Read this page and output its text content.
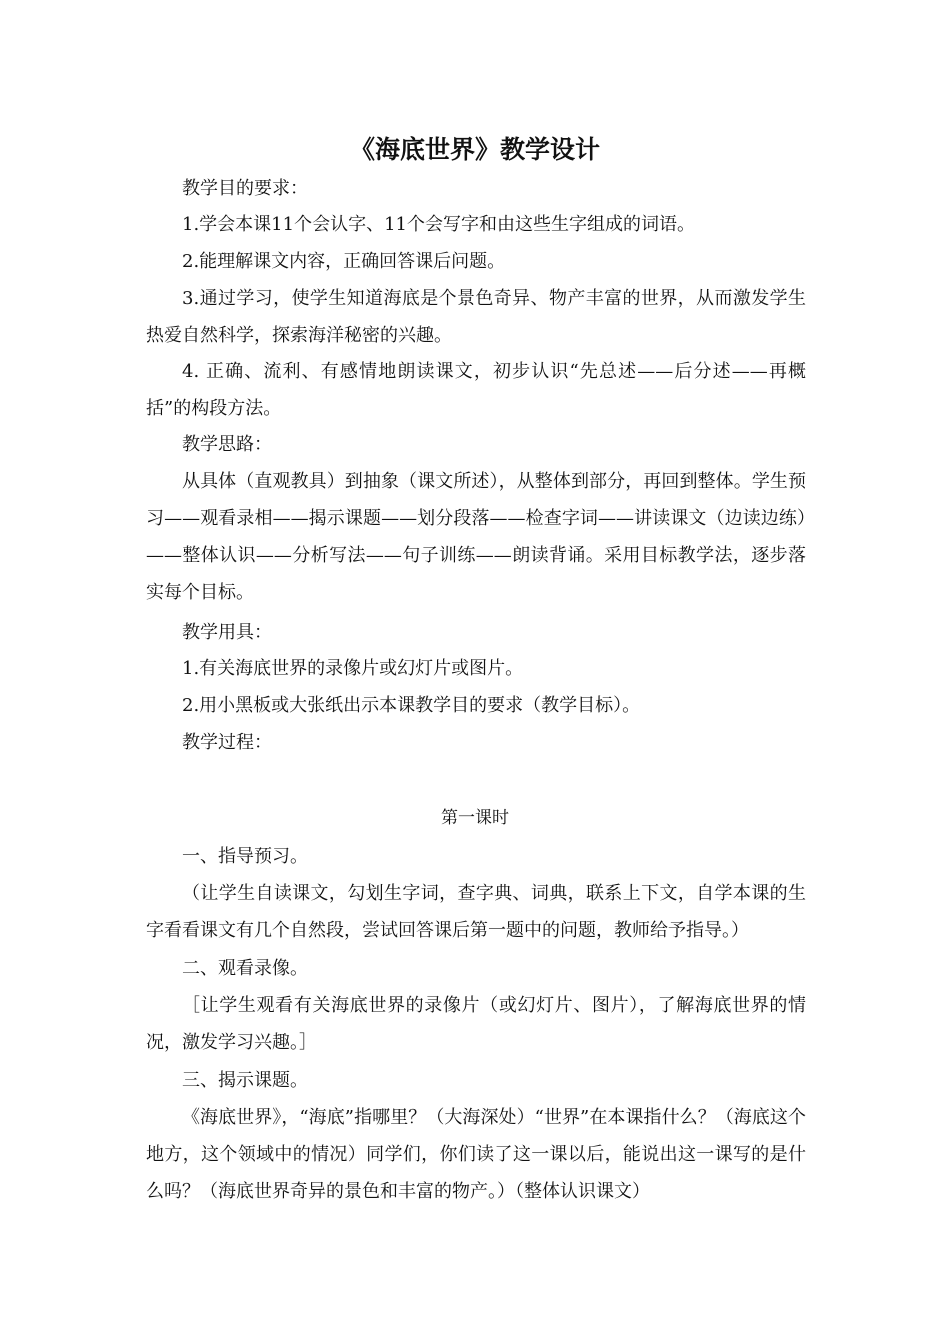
《海底世界》教学设计

教学目的要求：

1.学会本课11个会认字、11个会写字和由这些生字组成的词语。

2.能理解课文内容，正确回答课后问题。

3.通过学习，使学生知道海底是个景色奇异、物产丰富的世界，从而激发学生热爱自然科学，探索海洋秘密的兴趣。

4. 正确、流利、有感情地朗读课文，初步认识“先总述——后分述——再概括”的构段方法。

教学思路：

从具体（直观教具）到抽象（课文所述），从整体到部分，再回到整体。学生预习——观看录相——揭示课题——划分段落——检查字词——讲读课文（边读边练）——整体认识——分析写法——句子训练——朗读背诵。采用目标教学法，逐步落实每个目标。

教学用具：

1.有关海底世界的录像片或幻灯片或图片。

2.用小黑板或大张纸出示本课教学目的要求（教学目标）。

教学过程：

第一课时

一、指导预习。

（让学生自读课文，勾划生字词，查字典、词典，联系上下文，自学本课的生字看看课文有几个自然段，尝试回答课后第一题中的问题，教师给予指导。）

二、观看录像。

［让学生观看有关海底世界的录像片（或幻灯片、图片），了解海底世界的情况，激发学习兴趣。］

三、揭示课题。

《海底世界》，“海底”指哪里？（大海深处）“世界”在本课指什么？（海底这个地方，这个领域中的情况）同学们，你们读了这一课以后，能说出这一课写的是什么吗？（海底世界奇异的景色和丰富的物产。）（整体认识课文）
